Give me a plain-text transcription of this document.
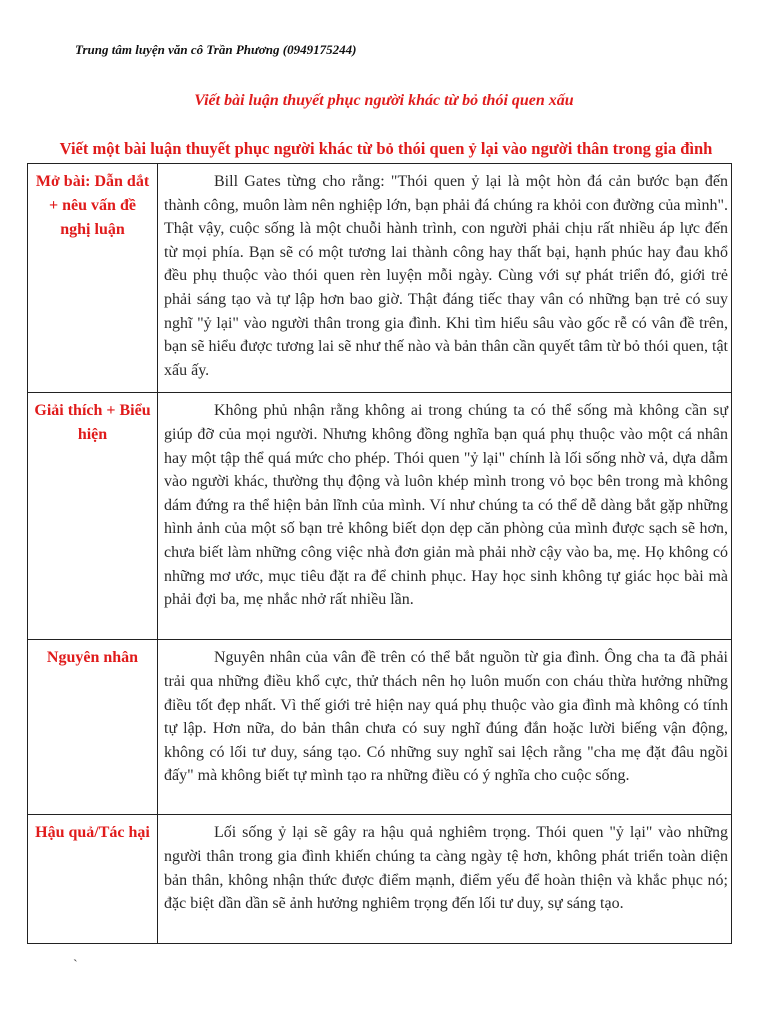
Trung tâm luyện văn cô Trần Phương (0949175244)
Viết bài luận thuyết phục người khác từ bỏ thói quen xấu
Viết một bài luận thuyết phục người khác từ bỏ thói quen ỷ lại vào người thân trong gia đình
Mở bài: Dẫn dắt + nêu vấn đề nghị luận	Bill Gates từng cho rằng: "Thói quen ỷ lại là một hòn đá cản bước bạn đến thành công, muôn làm nên nghiệp lớn, bạn phải đá chúng ra khỏi con đường của mình". Thật vậy, cuộc sống là một chuỗi hành trình, con người phải chịu rất nhiều áp lực đến từ mọi phía. Bạn sẽ có một tương lai thành công hay thất bại, hạnh phúc hay đau khổ đều phụ thuộc vào thói quen rèn luyện mỗi ngày. Cùng với sự phát triển đó, giới trẻ phải sáng tạo và tự lập hơn bao giờ. Thật đáng tiếc thay vân có những bạn trẻ có suy nghĩ "ỷ lại" vào người thân trong gia đình. Khi tìm hiểu sâu vào gốc rễ có vân đề trên, bạn sẽ hiểu được tương lai sẽ như thế nào và bản thân cần quyết tâm từ bỏ thói quen, tật xấu ấy.

Giải thích + Biểu hiện	Không phủ nhận rằng không ai trong chúng ta có thể sống mà không cần sự giúp đỡ của mọi người. Nhưng không đồng nghĩa bạn quá phụ thuộc vào một cá nhân hay một tập thể quá mức cho phép. Thói quen "ỷ lại" chính là lối sống nhờ vả, dựa dẫm vào người khác, thường thụ động và luôn khép mình trong vỏ bọc bên trong mà không dám đứng ra thể hiện bản lĩnh của mình. Ví như chúng ta có thể dễ dàng bắt gặp những hình ảnh của một số bạn trẻ không biết dọn dẹp căn phòng của mình được sạch sẽ hơn, chưa biết làm những công việc nhà đơn giản mà phải nhờ cậy vào ba, mẹ. Họ không có những mơ ước, mục tiêu đặt ra để chinh phục. Hay học sinh không tự giác học bài mà phải đợi ba, mẹ nhắc nhở rất nhiều lần.

Nguyên nhân	Nguyên nhân của vân đề trên có thể bắt nguồn từ gia đình. Ông cha ta đã phải trải qua những điều khổ cực, thử thách nên họ luôn muốn con cháu thừa hưởng những điều tốt đẹp nhất. Vì thế giới trẻ hiện nay quá phụ thuộc vào gia đình mà không có tính tự lập. Hơn nữa, do bản thân chưa có suy nghĩ đúng đắn hoặc lười biếng vận động, không có lối tư duy, sáng tạo. Có những suy nghĩ sai lệch rằng "cha mẹ đặt đâu ngồi đấy" mà không biết tự mình tạo ra những điều có ý nghĩa cho cuộc sống.

Hậu quả/Tác hại	Lối sống ỷ lại sẽ gây ra hậu quả nghiêm trọng. Thói quen "ỷ lại" vào những người thân trong gia đình khiến chúng ta càng ngày tệ hơn, không phát triển toàn diện bản thân, không nhận thức được điểm mạnh, điểm yếu để hoàn thiện và khắc phục nó; đặc biệt dần dần sẽ ảnh hưởng nghiêm trọng đến lối tư duy, sự sáng tạo.

`
